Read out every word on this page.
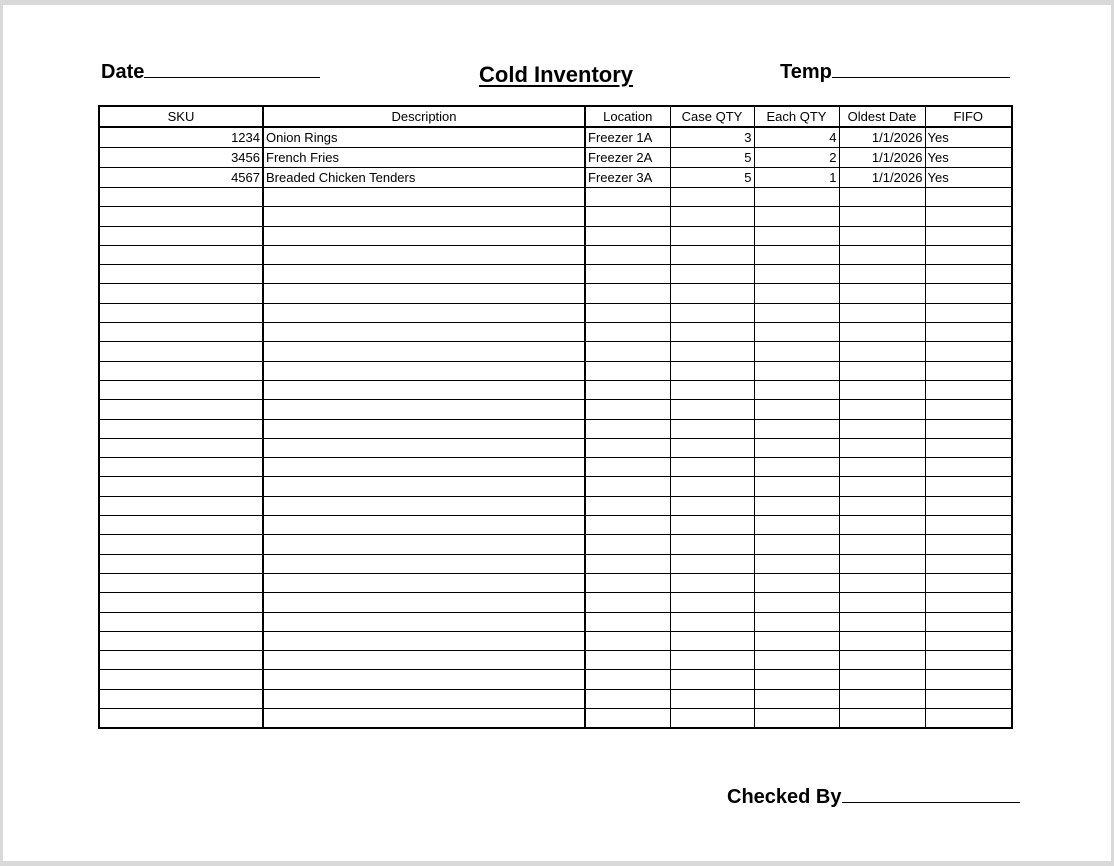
Date	Cold Inventory	Temp
SKU	Description	Location	Case QTY	Each QTY	Oldest Date	FIFO
1234	Onion Rings	Freezer 1A	3	4	1/1/2026	Yes
3456	French Fries	Freezer 2A	5	2	1/1/2026	Yes
4567	Breaded Chicken Tenders	Freezer 3A	5	1	1/1/2026	Yes

Checked By
